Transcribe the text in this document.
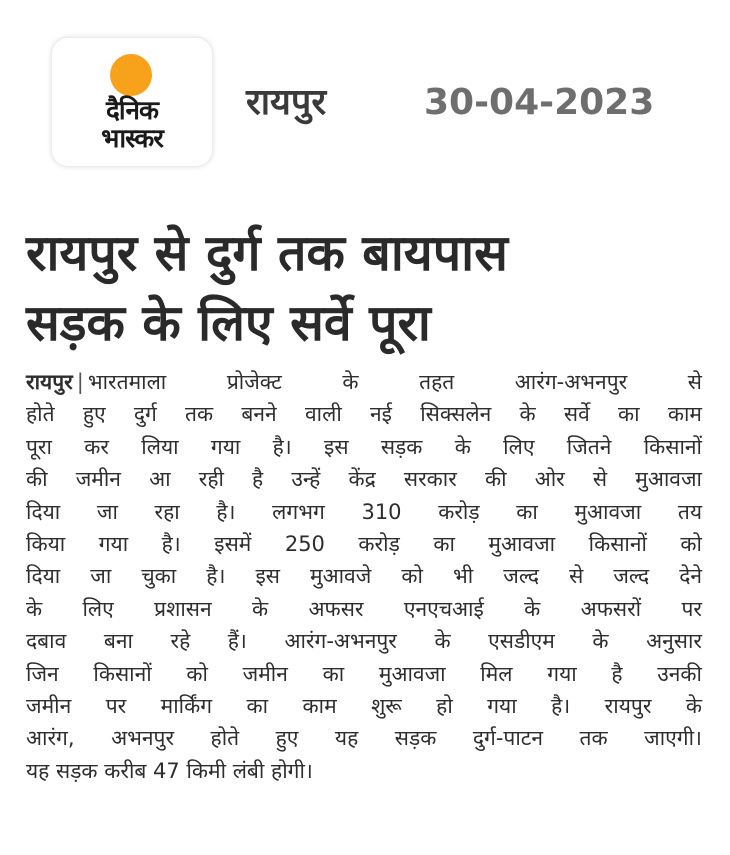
दैनिक
भास्कर
रायपुर	30-04-2023
रायपुर से दुर्ग तक बायपास
सड़क के लिए सर्वे पूरा
रायपुर | भारतमाला प्रोजेक्ट के तहत आरंग-अभनपुर से
होते हुए दुर्ग तक बनने वाली नई सिक्सलेन के सर्वे का काम
पूरा कर लिया गया है। इस सड़क के लिए जितने किसानों
की जमीन आ रही है उन्हें केंद्र सरकार की ओर से मुआवजा
दिया जा रहा है। लगभग 310 करोड़ का मुआवजा तय
किया गया है। इसमें 250 करोड़ का मुआवजा किसानों को
दिया जा चुका है। इस मुआवजे को भी जल्द से जल्द देने
के लिए प्रशासन के अफसर एनएचआई के अफसरों पर
दबाव बना रहे हैं। आरंग-अभनपुर के एसडीएम के अनुसार
जिन किसानों को जमीन का मुआवजा मिल गया है उनकी
जमीन पर मार्किंग का काम शुरू हो गया है। रायपुर के
आरंग, अभनपुर होते हुए यह सड़क दुर्ग-पाटन तक जाएगी।
यह सड़क करीब 47 किमी लंबी होगी।
